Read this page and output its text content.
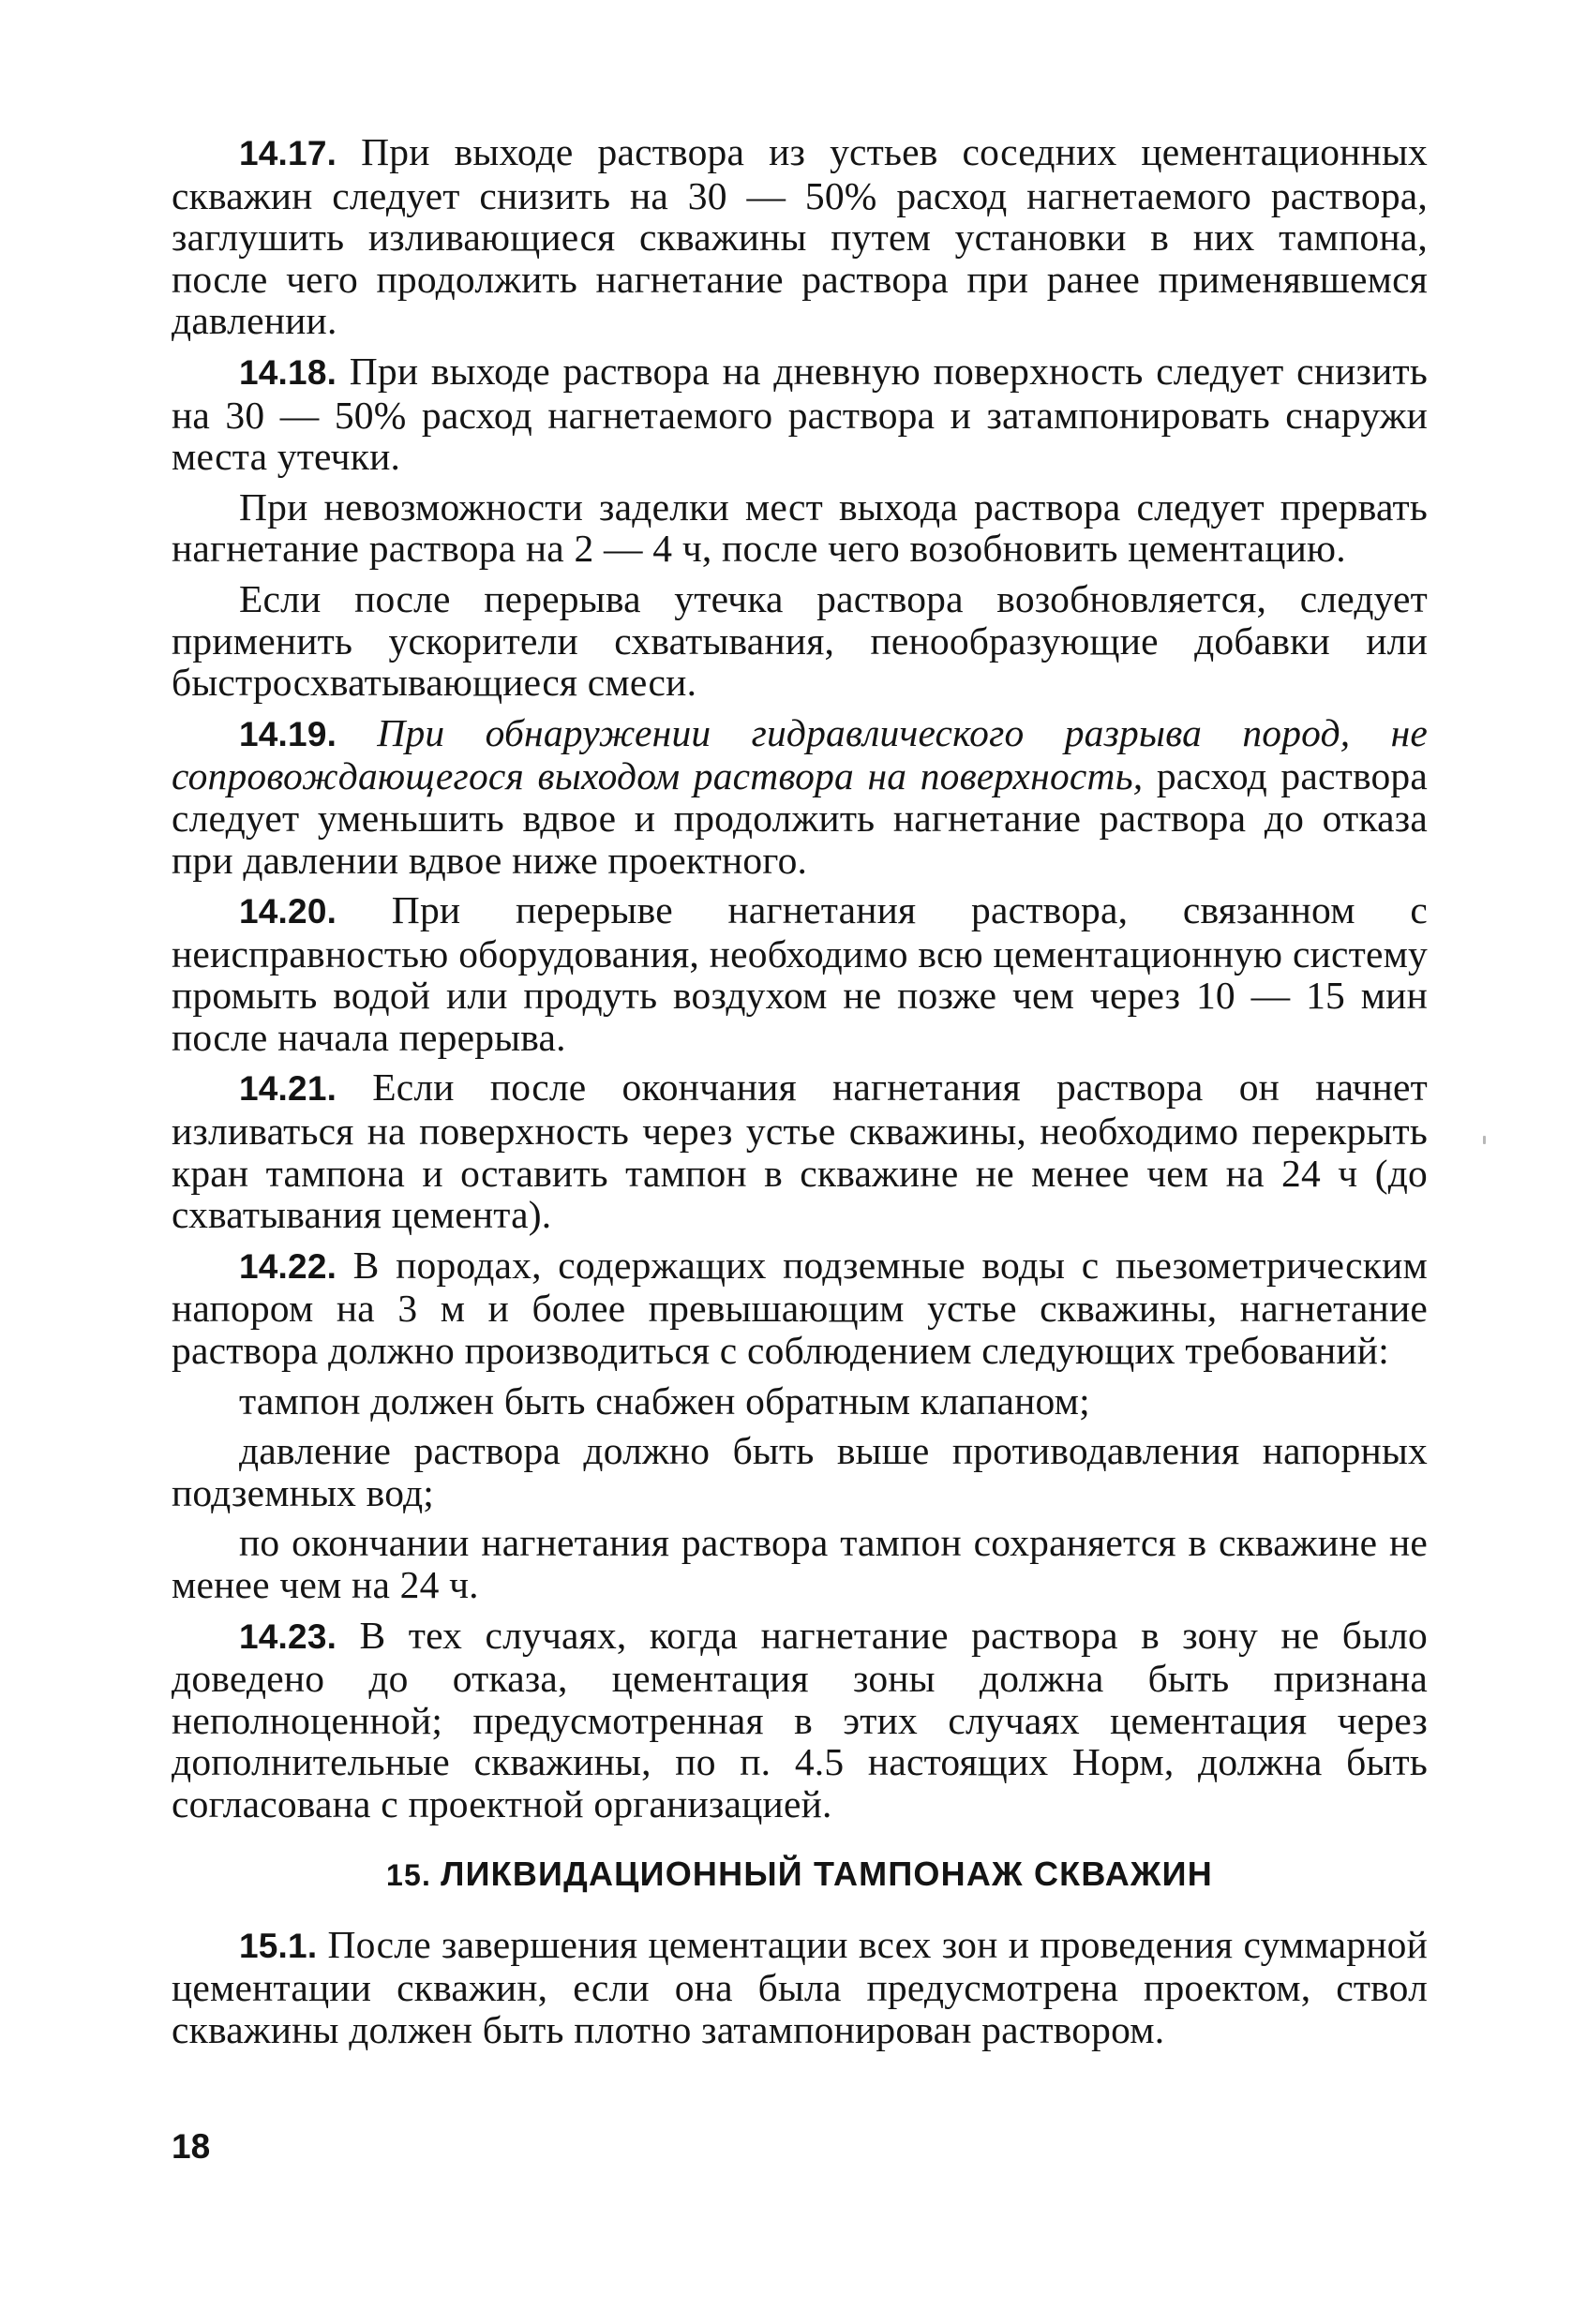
14.17. При выходе раствора из устьев соседних цементационных скважин следует снизить на 30 — 50% расход нагнетаемого раствора, заглушить изливающиеся скважины путем установки в них тампона, после чего продолжить нагнетание раствора при ранее применявшемся давлении.

14.18. При выходе раствора на дневную поверхность следует снизить на 30 — 50% расход нагнетаемого раствора и затампонировать снаружи места утечки.

При невозможности заделки мест выхода раствора следует прервать нагнетание раствора на 2 — 4 ч, после чего возобновить цементацию.

Если после перерыва утечка раствора возобновляется, следует применить ускорители схватывания, пенообразующие добавки или быстросхватывающиеся смеси.

14.19. При обнаружении гидравлического разрыва пород, не сопровождающегося выходом раствора на поверхность, расход раствора следует уменьшить вдвое и продолжить нагнетание раствора до отказа при давлении вдвое ниже проектного.

14.20. При перерыве нагнетания раствора, связанном с неисправностью оборудования, необходимо всю цементационную систему промыть водой или продуть воздухом не позже чем через 10 — 15 мин после начала перерыва.

14.21. Если после окончания нагнетания раствора он начнет изливаться на поверхность через устье скважины, необходимо перекрыть кран тампона и оставить тампон в скважине не менее чем на 24 ч (до схватывания цемента).

14.22. В породах, содержащих подземные воды с пьезометрическим напором на 3 м и более превышающим устье скважины, нагнетание раствора должно производиться с соблюдением следующих требований:

тампон должен быть снабжен обратным клапаном;

давление раствора должно быть выше противодавления напорных подземных вод;

по окончании нагнетания раствора тампон сохраняется в скважине не менее чем на 24 ч.

14.23. В тех случаях, когда нагнетание раствора в зону не было доведено до отказа, цементация зоны должна быть признана неполноценной; предусмотренная в этих случаях цементация через дополнительные скважины, по п. 4.5 настоящих Норм, должна быть согласована с проектной организацией.

15. ЛИКВИДАЦИОННЫЙ ТАМПОНАЖ СКВАЖИН

15.1. После завершения цементации всех зон и проведения суммарной цементации скважин, если она была предусмотрена проектом, ствол скважины должен быть плотно затампонирован раствором.

18
